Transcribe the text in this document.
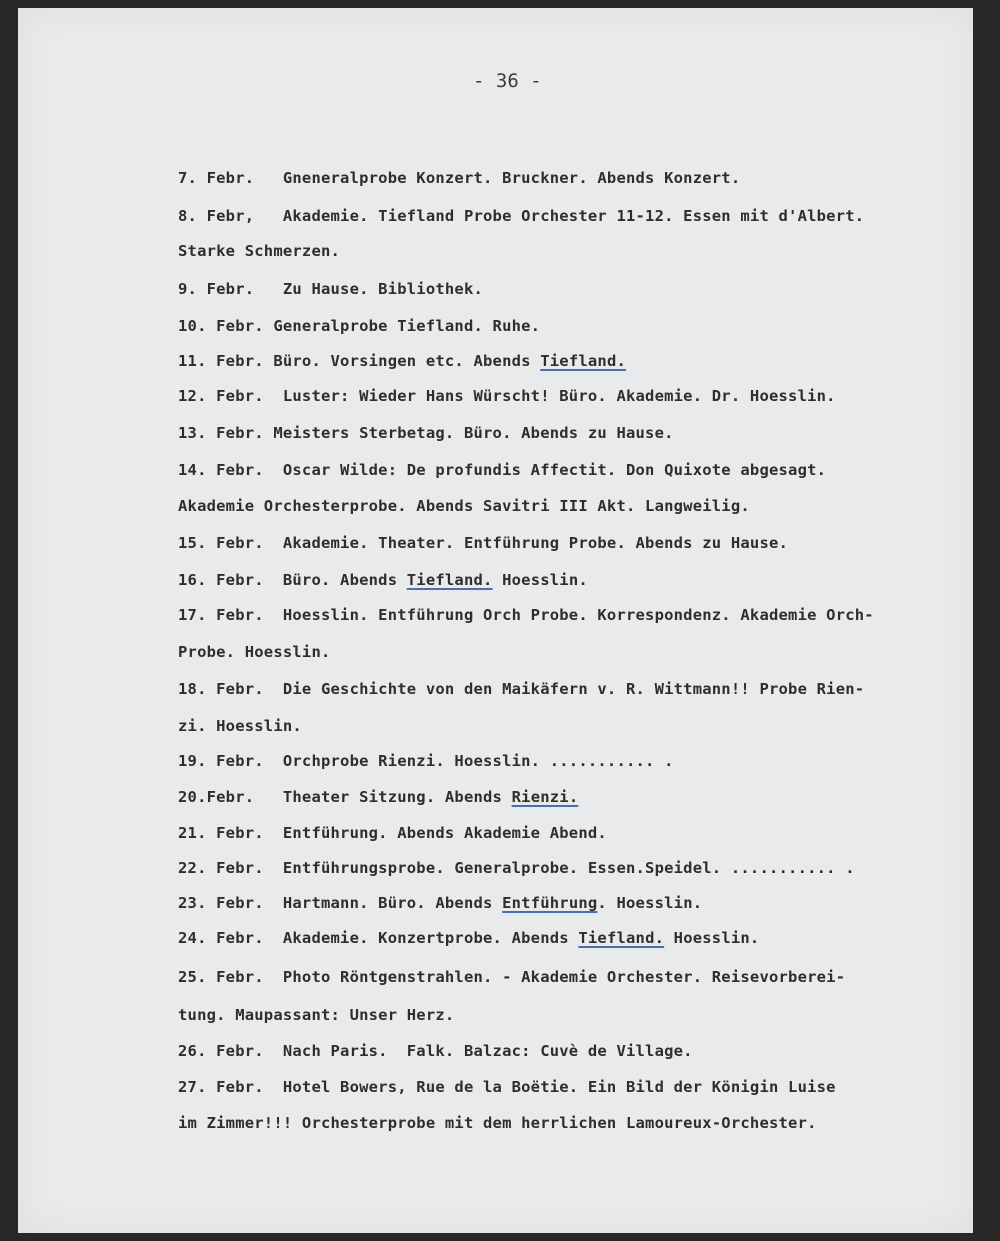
- 36 -
7. Febr.   Gneneralprobe Konzert. Bruckner. Abends Konzert.
8. Febr,   Akademie. Tiefland Probe Orchester 11-12. Essen mit d'Albert.
Starke Schmerzen.
9. Febr.   Zu Hause. Bibliothek.
10. Febr. Generalprobe Tiefland. Ruhe.
11. Febr. Büro. Vorsingen etc. Abends Tiefland.
12. Febr.  Luster: Wieder Hans Würscht! Büro. Akademie. Dr. Hoesslin.
13. Febr. Meisters Sterbetag. Büro. Abends zu Hause.
14. Febr.  Oscar Wilde: De profundis Affectit. Don Quixote abgesagt.
Akademie Orchesterprobe. Abends Savitri III Akt. Langweilig.
15. Febr.  Akademie. Theater. Entführung Probe. Abends zu Hause.
16. Febr.  Büro. Abends Tiefland. Hoesslin.
17. Febr.  Hoesslin. Entführung Orch Probe. Korrespondenz. Akademie Orch-
Probe. Hoesslin.
18. Febr.  Die Geschichte von den Maikäfern v. R. Wittmann!! Probe Rien-
zi. Hoesslin.
19. Febr.  Orchprobe Rienzi. Hoesslin. ........... .
20.Febr.   Theater Sitzung. Abends Rienzi.
21. Febr.  Entführung. Abends Akademie Abend.
22. Febr.  Entführungsprobe. Generalprobe. Essen.Speidel. ........... .
23. Febr.  Hartmann. Büro. Abends Entführung. Hoesslin.
24. Febr.  Akademie. Konzertprobe. Abends Tiefland. Hoesslin.
25. Febr.  Photo Röntgenstrahlen. - Akademie Orchester. Reisevorberei-
tung. Maupassant: Unser Herz.
26. Febr.  Nach Paris.  Falk. Balzac: Cuvè de Village.
27. Febr.  Hotel Bowers, Rue de la Boëtie. Ein Bild der Königin Luise
im Zimmer!!! Orchesterprobe mit dem herrlichen Lamoureux-Orchester.
